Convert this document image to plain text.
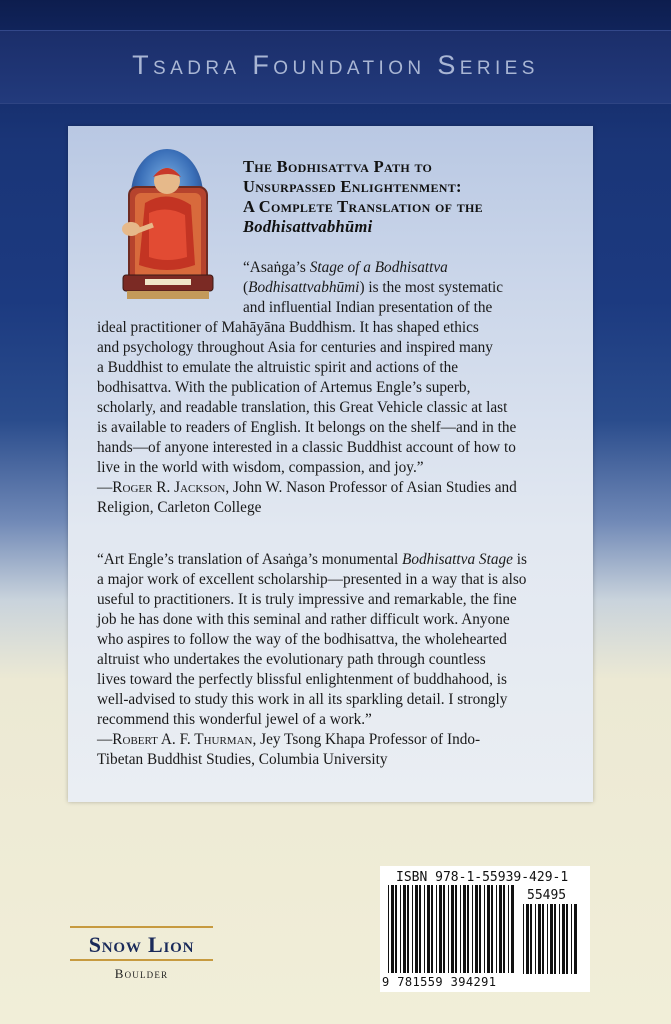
Tsadra Foundation Series
The Bodhisattva Path to
Unsurpassed Enlightenment:
A Complete Translation of the
Bodhisattvabhūmi
“Asaṅga’s Stage of a Bodhisattva
(Bodhisattvabhūmi) is the most systematic
and influential Indian presentation of the
ideal practitioner of Mahāyāna Buddhism. It has shaped ethics
and psychology throughout Asia for centuries and inspired many
a Buddhist to emulate the altruistic spirit and actions of the
bodhisattva. With the publication of Artemus Engle’s superb,
scholarly, and readable translation, this Great Vehicle classic at last
is available to readers of English. It belongs on the shelf—and in the
hands—of anyone interested in a classic Buddhist account of how to
live in the world with wisdom, compassion, and joy.”
—Roger R. Jackson, John W. Nason Professor of Asian Studies and
Religion, Carleton College
“Art Engle’s translation of Asaṅga’s monumental Bodhisattva Stage is
a major work of excellent scholarship—presented in a way that is also
useful to practitioners. It is truly impressive and remarkable, the fine
job he has done with this seminal and rather difficult work. Anyone
who aspires to follow the way of the bodhisattva, the wholehearted
altruist who undertakes the evolutionary path through countless
lives toward the perfectly blissful enlightenment of buddhahood, is
well-advised to study this work in all its sparkling detail. I strongly
recommend this wonderful jewel of a work.”
—Robert A. F. Thurman, Jey Tsong Khapa Professor of Indo-
Tibetan Buddhist Studies, Columbia University
ISBN 978-1-55939-429-1
55495
9 781559 394291
Snow Lion
Boulder
